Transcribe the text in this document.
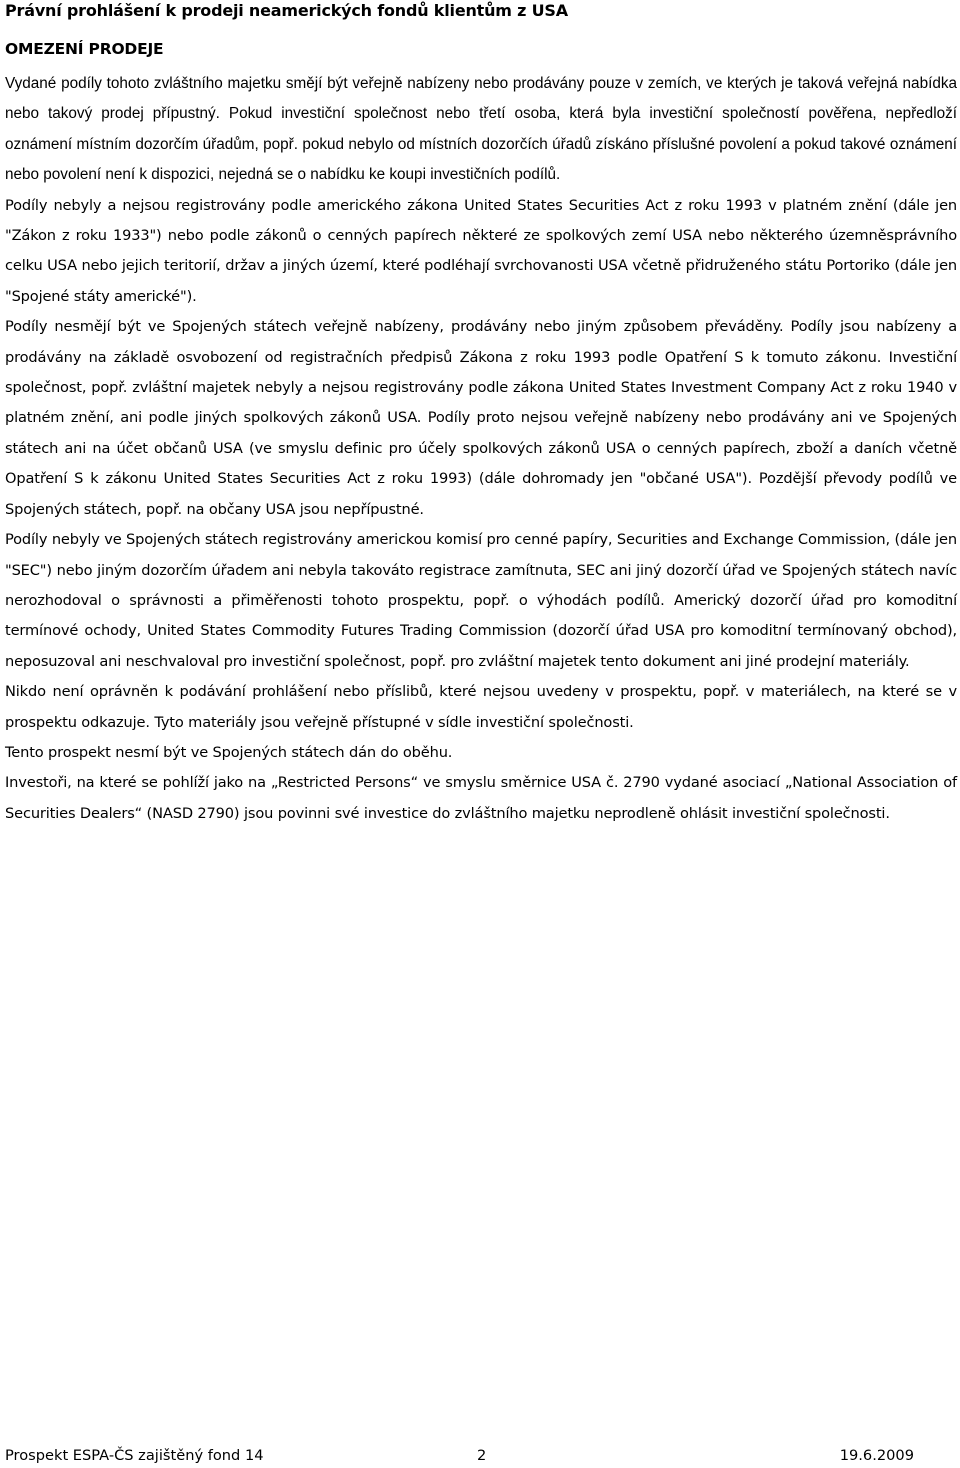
Právní prohlášení k prodeji neamerických fondů klientům z USA
OMEZENÍ PRODEJE

Vydané podíly tohoto zvláštního majetku smějí být veřejně nabízeny nebo prodávány pouze v zemích, ve kterých je taková veřejná nabídka nebo takový prodej přípustný. Pokud investiční společnost nebo třetí osoba, která byla investiční společností pověřena, nepředloží oznámení místním dozorčím úřadům, popř. pokud nebylo od místních dozorčích úřadů získáno příslušné povolení a pokud takové oznámení nebo povolení není k dispozici, nejedná se o nabídku ke koupi investičních podílů.

Podíly nebyly a nejsou registrovány podle amerického zákona United States Securities Act z roku 1993 v platném znění (dále jen "Zákon z roku 1933") nebo podle zákonů o cenných papírech některé ze spolkových zemí USA nebo některého územněsprávního celku USA nebo jejich teritorií, držav a jiných území, které podléhají svrchovanosti USA včetně přidruženého státu Portoriko (dále jen "Spojené státy americké").

Podíly nesmějí být ve Spojených státech veřejně nabízeny, prodávány nebo jiným způsobem převáděny. Podíly jsou nabízeny a prodávány na základě osvobození od registračních předpisů Zákona z roku 1993 podle Opatření S k tomuto zákonu. Investiční společnost, popř. zvláštní majetek nebyly a nejsou registrovány podle zákona United States Investment Company Act z roku 1940 v platném znění, ani podle jiných spolkových zákonů USA. Podíly proto nejsou veřejně nabízeny nebo prodávány ani ve Spojených státech ani na účet občanů USA (ve smyslu definic pro účely spolkových zákonů USA o cenných papírech, zboží a daních včetně Opatření S k zákonu United States Securities Act z roku 1993) (dále dohromady jen "občané USA"). Pozdější převody podílů ve Spojených státech, popř. na občany USA jsou nepřípustné.

Podíly nebyly ve Spojených státech registrovány americkou komisí pro cenné papíry, Securities and Exchange Commission, (dále jen "SEC") nebo jiným dozorčím úřadem ani nebyla takováto registrace zamítnuta, SEC ani jiný dozorčí úřad ve Spojených státech navíc nerozhodoval o správnosti a přiměřenosti tohoto prospektu, popř. o výhodách podílů. Americký dozorčí úřad pro komoditní termínové ochody, United States Commodity Futures Trading Commission (dozorčí úřad USA pro komoditní termínovaný obchod), neposuzoval ani neschvaloval pro investiční společnost, popř. pro zvláštní majetek tento dokument ani jiné prodejní materiály.

Nikdo není oprávněn k podávání prohlášení nebo příslibů, které nejsou uvedeny v prospektu, popř. v materiálech, na které se v prospektu odkazuje. Tyto materiály jsou veřejně přístupné v sídle investiční společnosti.

Tento prospekt nesmí být ve Spojených státech dán do oběhu.

Investoři, na které se pohlíží jako na „Restricted Persons“ ve smyslu směrnice USA č. 2790 vydané asociací „National Association of Securities Dealers“ (NASD 2790) jsou povinni své investice do zvláštního majetku neprodleně ohlásit investiční společnosti.

Prospekt ESPA-ČS zajištěný fond 14	2	19.6.2009
